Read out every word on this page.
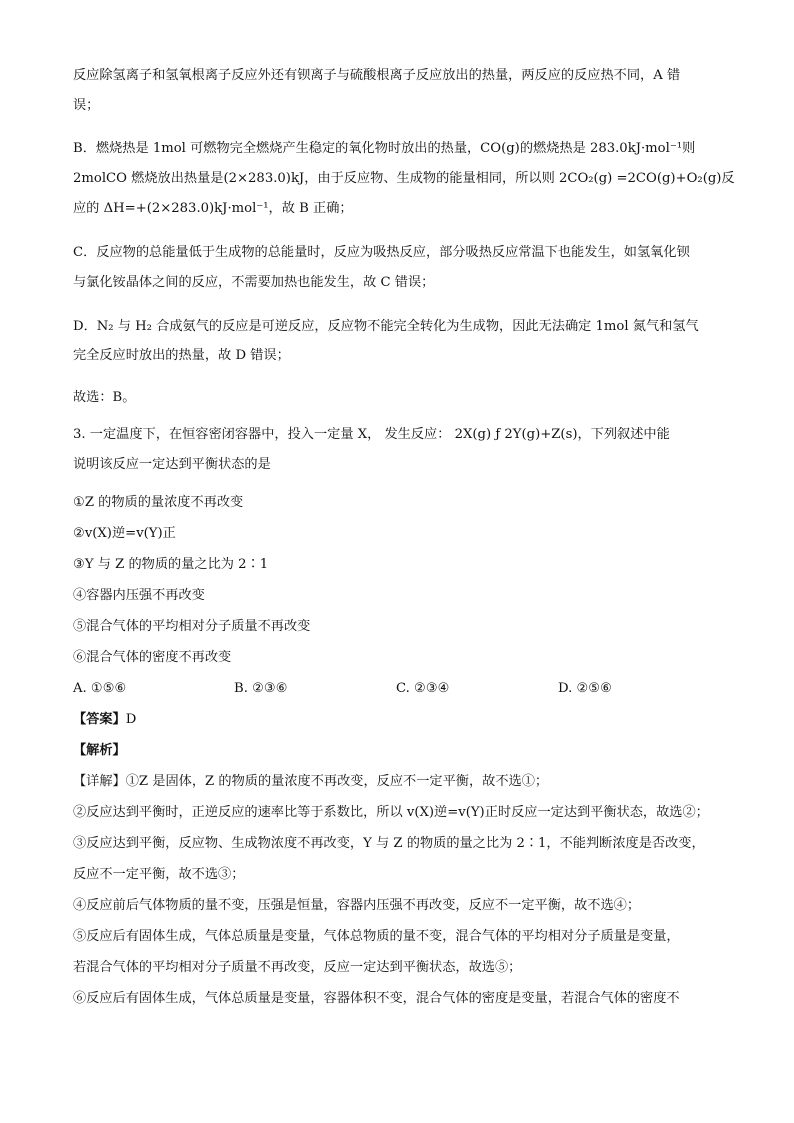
反应除氢离子和氢氧根离子反应外还有钡离子与硫酸根离子反应放出的热量，两反应的反应热不同，A 错
误；
B．燃烧热是 1mol 可燃物完全燃烧产生稳定的氧化物时放出的热量，CO(g)的燃烧热是 283.0kJ·mol⁻¹则
2molCO 燃烧放出热量是(2×283.0)kJ，由于反应物、生成物的能量相同，所以则 2CO₂(g) =2CO(g)+O₂(g)反
应的 ΔH=+(2×283.0)kJ·mol⁻¹，故 B 正确；
C．反应物的总能量低于生成物的总能量时，反应为吸热反应，部分吸热反应常温下也能发生，如氢氧化钡
与氯化铵晶体之间的反应，不需要加热也能发生，故 C 错误；
D．N₂ 与 H₂ 合成氨气的反应是可逆反应，反应物不能完全转化为生成物，因此无法确定 1mol 氮气和氢气
完全反应时放出的热量，故 D 错误；
故选：B。
3. 一定温度下，在恒容密闭容器中，投入一定量 X， 发生反应： 2X(g) ƒ 2Y(g)+Z(s)，下列叙述中能
说明该反应一定达到平衡状态的是
①Z 的物质的量浓度不再改变
②v(X)逆=v(Y)正
③Y 与 Z 的物质的量之比为 2∶1
④容器内压强不再改变
⑤混合气体的平均相对分子质量不再改变
⑥混合气体的密度不再改变
A. ①⑤⑥	B. ②③⑥	C. ②③④	D. ②⑤⑥
【答案】D
【解析】
【详解】①Z 是固体，Z 的物质的量浓度不再改变，反应不一定平衡，故不选①；
②反应达到平衡时，正逆反应的速率比等于系数比，所以 v(X)逆=v(Y)正时反应一定达到平衡状态，故选②；
③反应达到平衡，反应物、生成物浓度不再改变，Y 与 Z 的物质的量之比为 2∶1，不能判断浓度是否改变，
反应不一定平衡，故不选③；
④反应前后气体物质的量不变，压强是恒量，容器内压强不再改变，反应不一定平衡，故不选④；
⑤反应后有固体生成，气体总质量是变量，气体总物质的量不变，混合气体的平均相对分子质量是变量，
若混合气体的平均相对分子质量不再改变，反应一定达到平衡状态，故选⑤；
⑥反应后有固体生成，气体总质量是变量，容器体积不变，混合气体的密度是变量，若混合气体的密度不
